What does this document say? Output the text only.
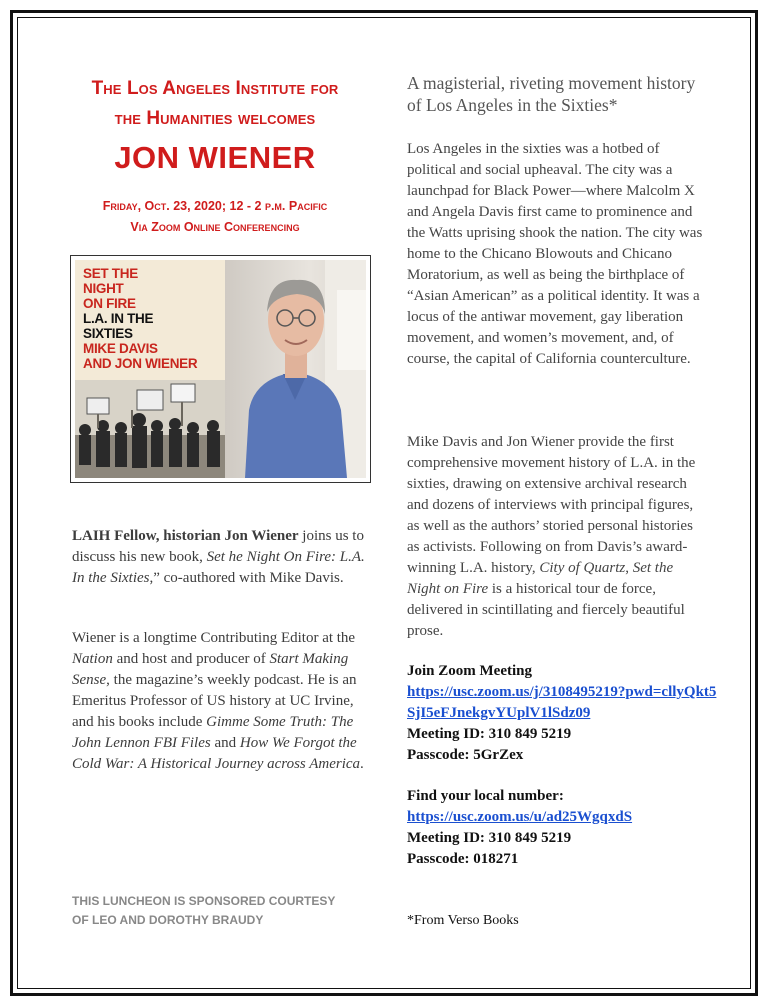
The Los Angeles Institute for
the Humanities welcomes
JON WIENER
Friday, Oct. 23, 2020; 12 - 2 p.m. Pacific
Via Zoom Online Conferencing
SET THE
NIGHT
ON FIRE
L.A. IN THE
SIXTIES
MIKE DAVIS
AND JON WIENER
LAIH Fellow, historian Jon Wiener joins us to discuss his new book, Set he Night On Fire: L.A. In the Sixties,” co-authored with Mike Davis.
Wiener is a longtime Contributing Editor at the Nation and host and producer of Start Making Sense, the magazine’s weekly podcast. He is an Emeritus Professor of US history at UC Irvine, and his books include Gimme Some Truth: The John Lennon FBI Files and How We Forgot the Cold War: A Historical Journey across America.
THIS LUNCHEON IS SPONSORED COURTESY
OF LEO AND DOROTHY BRAUDY
A magisterial, riveting movement history of Los Angeles in the Sixties*
Los Angeles in the sixties was a hotbed of political and social upheaval. The city was a launchpad for Black Power—where Malcolm X and Angela Davis first came to prominence and the Watts uprising shook the nation. The city was home to the Chicano Blowouts and Chicano Moratorium, as well as being the birthplace of “Asian American” as a political identity. It was a locus of the antiwar movement, gay liberation movement, and women’s movement, and, of course, the capital of California counterculture.
Mike Davis and Jon Wiener provide the first comprehensive movement history of L.A. in the sixties, drawing on extensive archival research and dozens of interviews with principal figures, as well as the authors’ storied personal histories as activists. Following on from Davis’s award-winning L.A. history, City of Quartz, Set the Night on Fire is a historical tour de force, delivered in scintillating and fiercely beautiful prose.
Join Zoom Meeting
https://usc.zoom.us/j/3108495219?pwd=cllyQkt5SjI5eFJnekgvYUplV1lSdz09
Meeting ID: 310 849 5219
Passcode: 5GrZex
Find your local number:
https://usc.zoom.us/u/ad25WgqxdS
Meeting ID: 310 849 5219
Passcode: 018271
*From Verso Books
